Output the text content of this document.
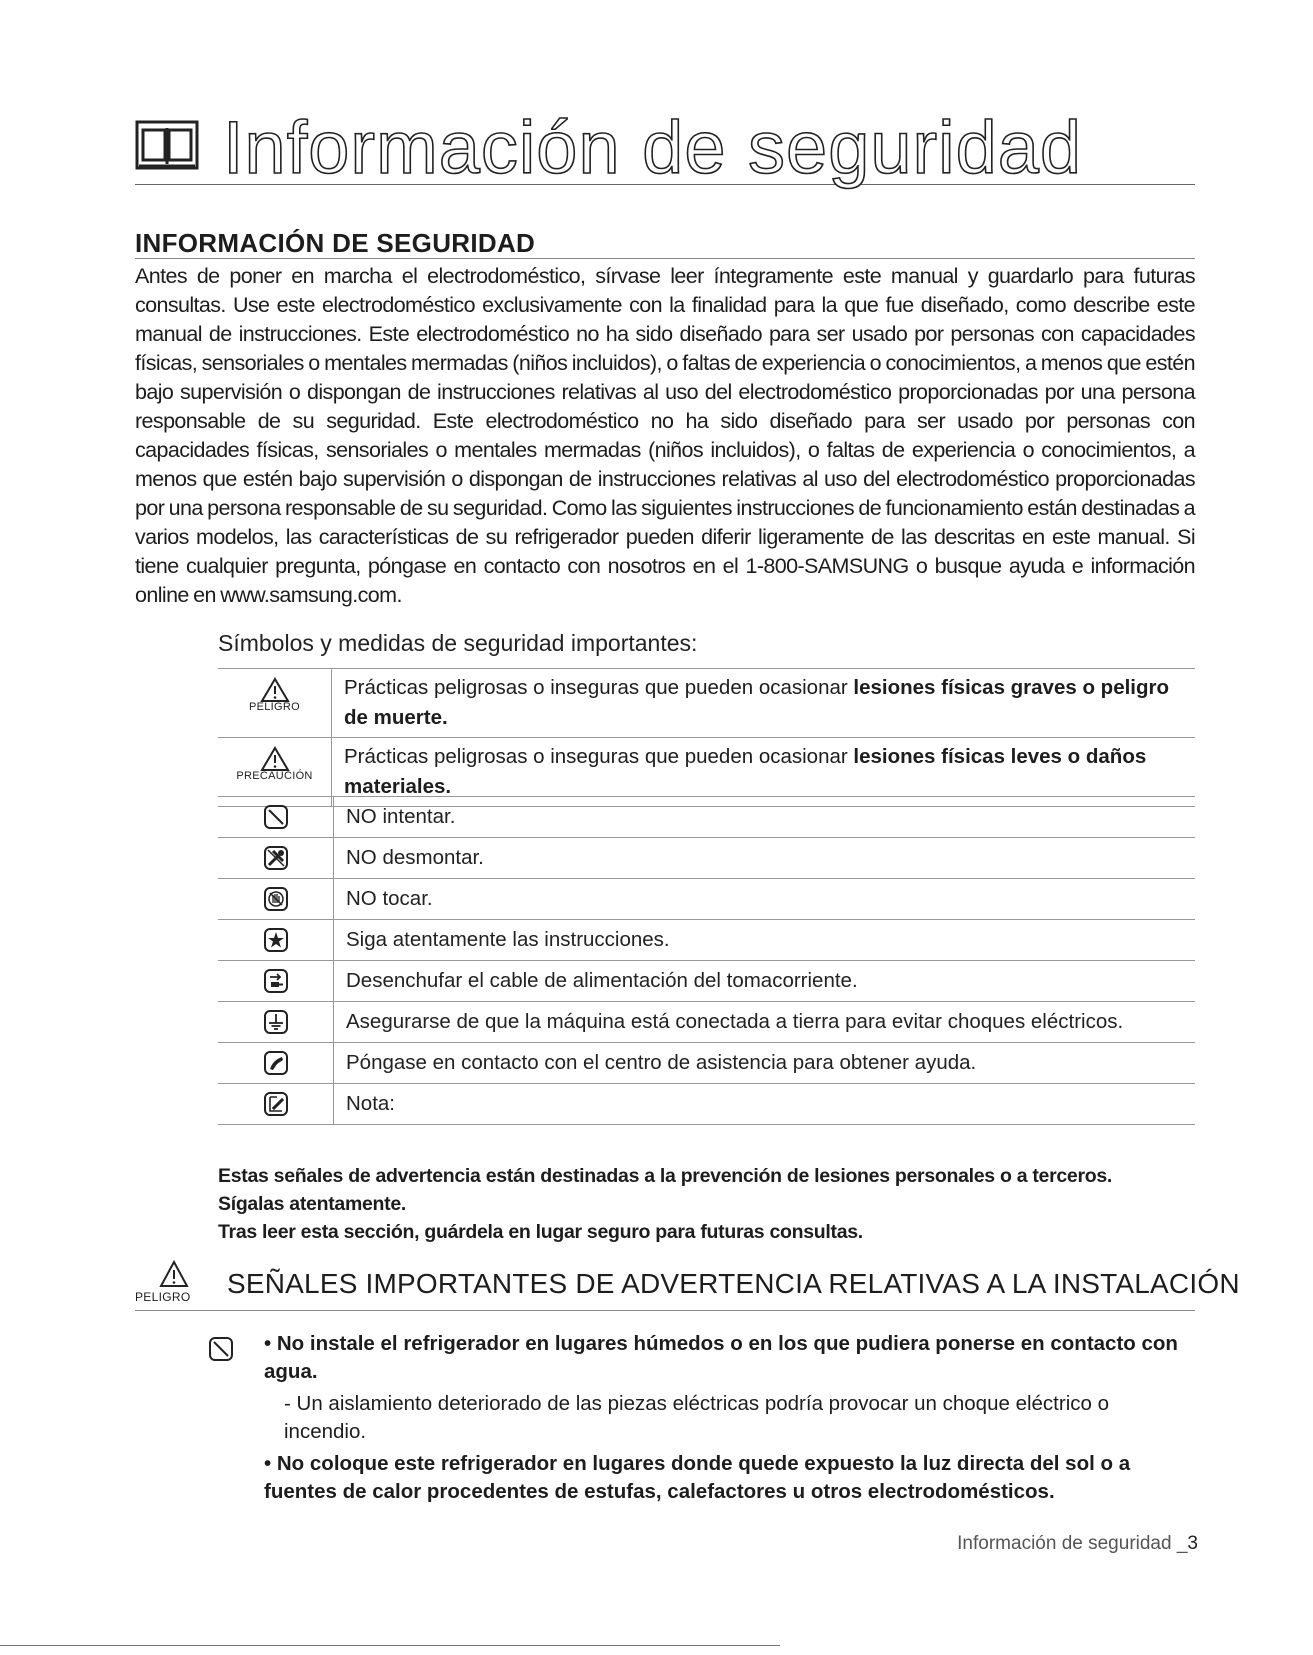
Información de seguridad
INFORMACIÓN DE SEGURIDAD

Antes de poner en marcha el electrodoméstico, sírvase leer íntegramente este manual y guardarlo para futuras consultas. Use este electrodoméstico exclusivamente con la finalidad para la que fue diseñado, como describe este manual de instrucciones. Este electrodoméstico no ha sido diseñado para ser usado por personas con capacidades físicas, sensoriales o mentales mermadas (niños incluidos), o faltas de experiencia o conocimientos, a menos que estén bajo supervisión o dispongan de instrucciones relativas al uso del electrodoméstico proporcionadas por una persona responsable de su seguridad. Este electrodoméstico no ha sido diseñado para ser usado por personas con capacidades físicas, sensoriales o mentales mermadas (niños incluidos), o faltas de experiencia o conocimientos, a menos que estén bajo supervisión o dispongan de instrucciones relativas al uso del electrodoméstico proporcionadas por una persona responsable de su seguridad. Como las siguientes instrucciones de funcionamiento están destinadas a varios modelos, las características de su refrigerador pueden diferir ligeramente de las descritas en este manual. Si tiene cualquier pregunta, póngase en contacto con nosotros en el 1-800-SAMSUNG o busque ayuda e información online en www.samsung.com.

Símbolos y medidas de seguridad importantes:
PELIGRO	Prácticas peligrosas o inseguras que pueden ocasionar lesiones físicas graves o peligro de muerte.

PRECAUCIÓN	Prácticas peligrosas o inseguras que pueden ocasionar lesiones físicas leves o daños materiales.
	NO intentar.
	NO desmontar.
	NO tocar.
	Siga atentamente las instrucciones.
	Desenchufar el cable de alimentación del tomacorriente.
	Asegurarse de que la máquina está conectada a tierra para evitar choques eléctricos.
	Póngase en contacto con el centro de asistencia para obtener ayuda.
	Nota:
Estas señales de advertencia están destinadas a la prevención de lesiones personales o a terceros.
Sígalas atentamente.
Tras leer esta sección, guárdela en lugar seguro para futuras consultas.
PELIGRO SEÑALES IMPORTANTES DE ADVERTENCIA RELATIVAS A LA INSTALACIÓN
• No instale el refrigerador en lugares húmedos o en los que pudiera ponerse en contacto con agua.
- Un aislamiento deteriorado de las piezas eléctricas podría provocar un choque eléctrico o incendio.
• No coloque este refrigerador en lugares donde quede expuesto la luz directa del sol o a fuentes de calor procedentes de estufas, calefactores u otros electrodomésticos.
Información de seguridad _3
